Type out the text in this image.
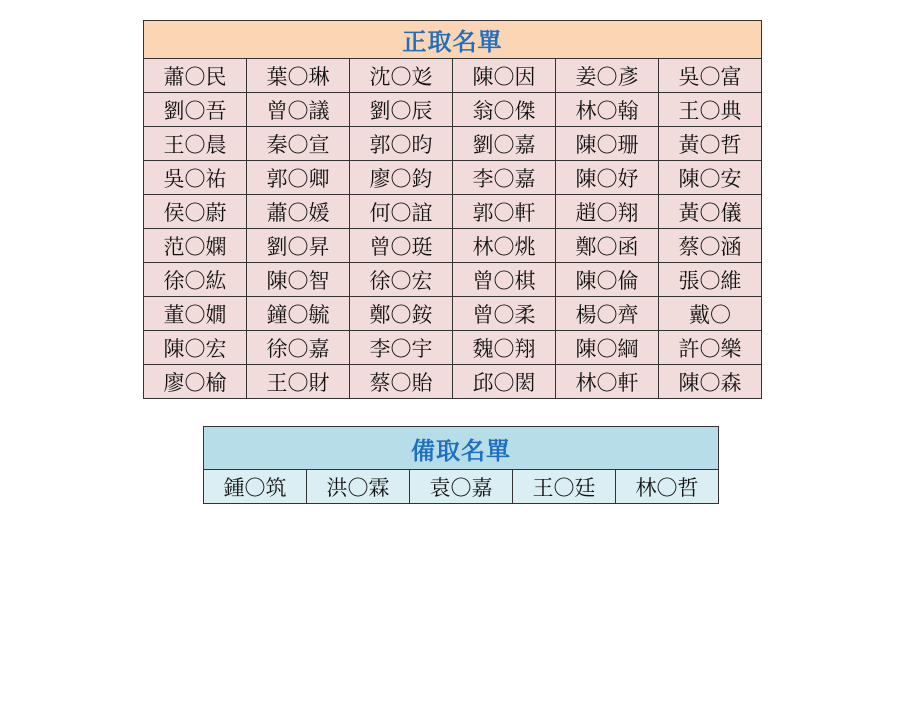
正取名單					
蕭〇民	葉〇琳	沈〇彣	陳〇因	姜〇彥	吳〇富
劉〇吾	曾〇議	劉〇辰	翁〇傑	林〇翰	王〇典
王〇晨	秦〇宣	郭〇昀	劉〇嘉	陳〇珊	黃〇哲
吳〇祐	郭〇卿	廖〇鈞	李〇嘉	陳〇妤	陳〇安
侯〇蔚	蕭〇媛	何〇誼	郭〇軒	趙〇翔	黃〇儀
范〇嫻	劉〇昇	曾〇珽	林〇烑	鄭〇函	蔡〇涵
徐〇紘	陳〇智	徐〇宏	曾〇棋	陳〇倫	張〇維
董〇嫺	鐘〇毓	鄭〇銨	曾〇柔	楊〇齊	戴〇
陳〇宏	徐〇嘉	李〇宇	魏〇翔	陳〇綱	許〇樂
廖〇榆	王〇財	蔡〇貽	邱〇閎	林〇軒	陳〇森
備取名單
鍾〇筑	洪〇霖	袁〇嘉	王〇廷	林〇哲
